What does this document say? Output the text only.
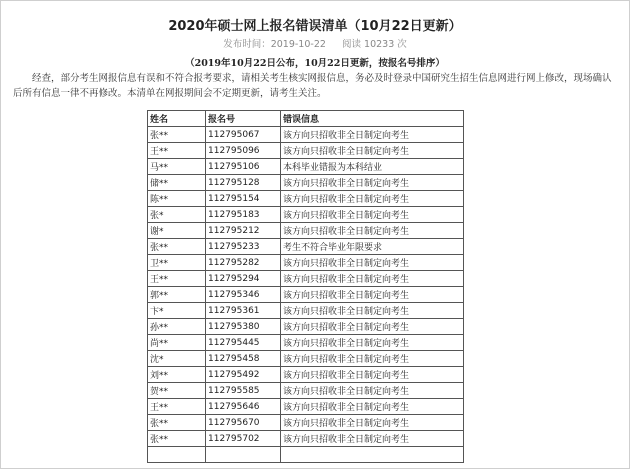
2020年硕士网上报名错误清单（10月22日更新）
发布时间：2019-10-22 阅读 10233 次
（2019年10月22日公布，10月22日更新，按报名号排序）

经查，部分考生网报信息有误和不符合报考要求，请相关考生核实网报信息，务必及时登录中国研究生招生信息网进行网上修改，现场确认后所有信息一律不再修改。本清单在网报期间会不定期更新，请考生关注。

姓名	报名号	错误信息
张**	112795067	该方向只招收非全日制定向考生
王**	112795096	该方向只招收非全日制定向考生
马**	112795106	本科毕业错报为本科结业
储**	112795128	该方向只招收非全日制定向考生
陈**	112795154	该方向只招收非全日制定向考生
张*	112795183	该方向只招收非全日制定向考生
谢*	112795212	该方向只招收非全日制定向考生
张**	112795233	考生不符合毕业年限要求
卫**	112795282	该方向只招收非全日制定向考生
王**	112795294	该方向只招收非全日制定向考生
郭**	112795346	该方向只招收非全日制定向考生
卞*	112795361	该方向只招收非全日制定向考生
孙**	112795380	该方向只招收非全日制定向考生
尚**	112795445	该方向只招收非全日制定向考生
沈*	112795458	该方向只招收非全日制定向考生
刘**	112795492	该方向只招收非全日制定向考生
贺**	112795585	该方向只招收非全日制定向考生
王**	112795646	该方向只招收非全日制定向考生
张**	112795670	该方向只招收非全日制定向考生
张**	112795702	该方向只招收非全日制定向考生
